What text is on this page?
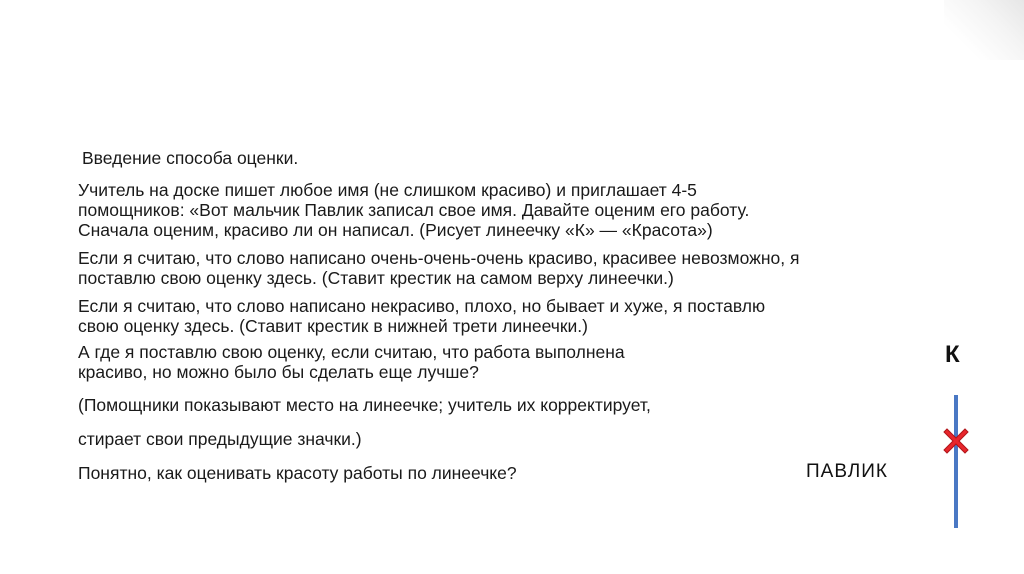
Введение способа оценки.

Учитель на доске пишет любое имя (не слишком красиво) и приглашает 4-5
помощников: «Вот мальчик Павлик записал свое имя. Давайте оценим его работу.
Сначала оценим, красиво ли он написал. (Рисует линеечку «К» — «Красота»)

Если я считаю, что слово написано очень-очень-очень красиво, красивее невозможно, я
поставлю свою оценку здесь. (Ставит крестик на самом верху линеечки.)

Если я считаю, что слово написано некрасиво, плохо, но бывает и хуже, я поставлю
свою оценку здесь. (Ставит крестик в нижней трети линеечки.)

А где я поставлю свою оценку, если считаю, что работа выполнена
красиво, но можно было бы сделать еще лучше?

(Помощники показывают место на линеечке; учитель их корректирует,

стирает свои предыдущие значки.)

Понятно, как оценивать красоту работы по линеечке?

К
ПАВЛИК
